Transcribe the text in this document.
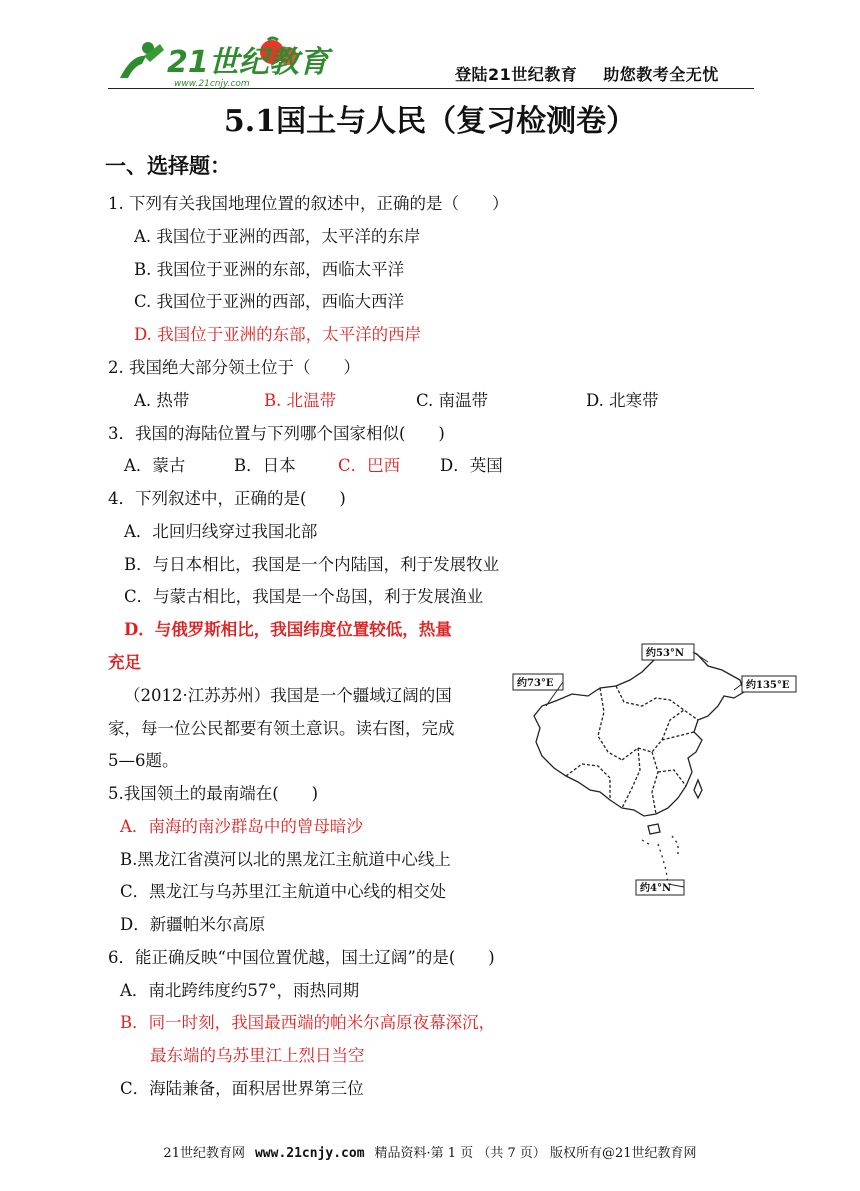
21世纪教育
www.21cnjy.com	登陆21世纪教育 助您教考全无忧
5.1国土与人民（复习检测卷）
一、选择题：
1. 下列有关我国地理位置的叙述中，正确的是（　　）
A. 我国位于亚洲的西部，太平洋的东岸
B. 我国位于亚洲的东部，西临太平洋
C. 我国位于亚洲的西部，西临大西洋
D. 我国位于亚洲的东部，太平洋的西岸
2. 我国绝大部分领土位于（　　）
A. 热带	B. 北温带	C. 南温带	D. 北寒带
3．我国的海陆位置与下列哪个国家相似(　　)
A．蒙古	B．日本	C．巴西 D．英国
4．下列叙述中，正确的是(　　)
A．北回归线穿过我国北部
B．与日本相比，我国是一个内陆国，利于发展牧业
C．与蒙古相比，我国是一个岛国，利于发展渔业
D．与俄罗斯相比，我国纬度位置较低，热量
充足
（2012·江苏苏州）我国是一个疆域辽阔的国
家，每一位公民都要有领土意识。读右图，完成
5—6题。
约53°N
约73°E	约135°E
约4°N
5.我国领土的最南端在(　　)
A．南海的南沙群岛中的曾母暗沙
B.黑龙江省漠河以北的黑龙江主航道中心线上
C．黑龙江与乌苏里江主航道中心线的相交处
D．新疆帕米尔高原
6．能正确反映“中国位置优越，国土辽阔”的是(　　)
A．南北跨纬度约57°，雨热同期
B．同一时刻，我国最西端的帕米尔高原夜幕深沉，
最东端的乌苏里江上烈日当空
C．海陆兼备，面积居世界第三位
21世纪教育网 www.21cnjy.com 精品资料·第 1 页 （共 7 页） 版权所有@21世纪教育网
